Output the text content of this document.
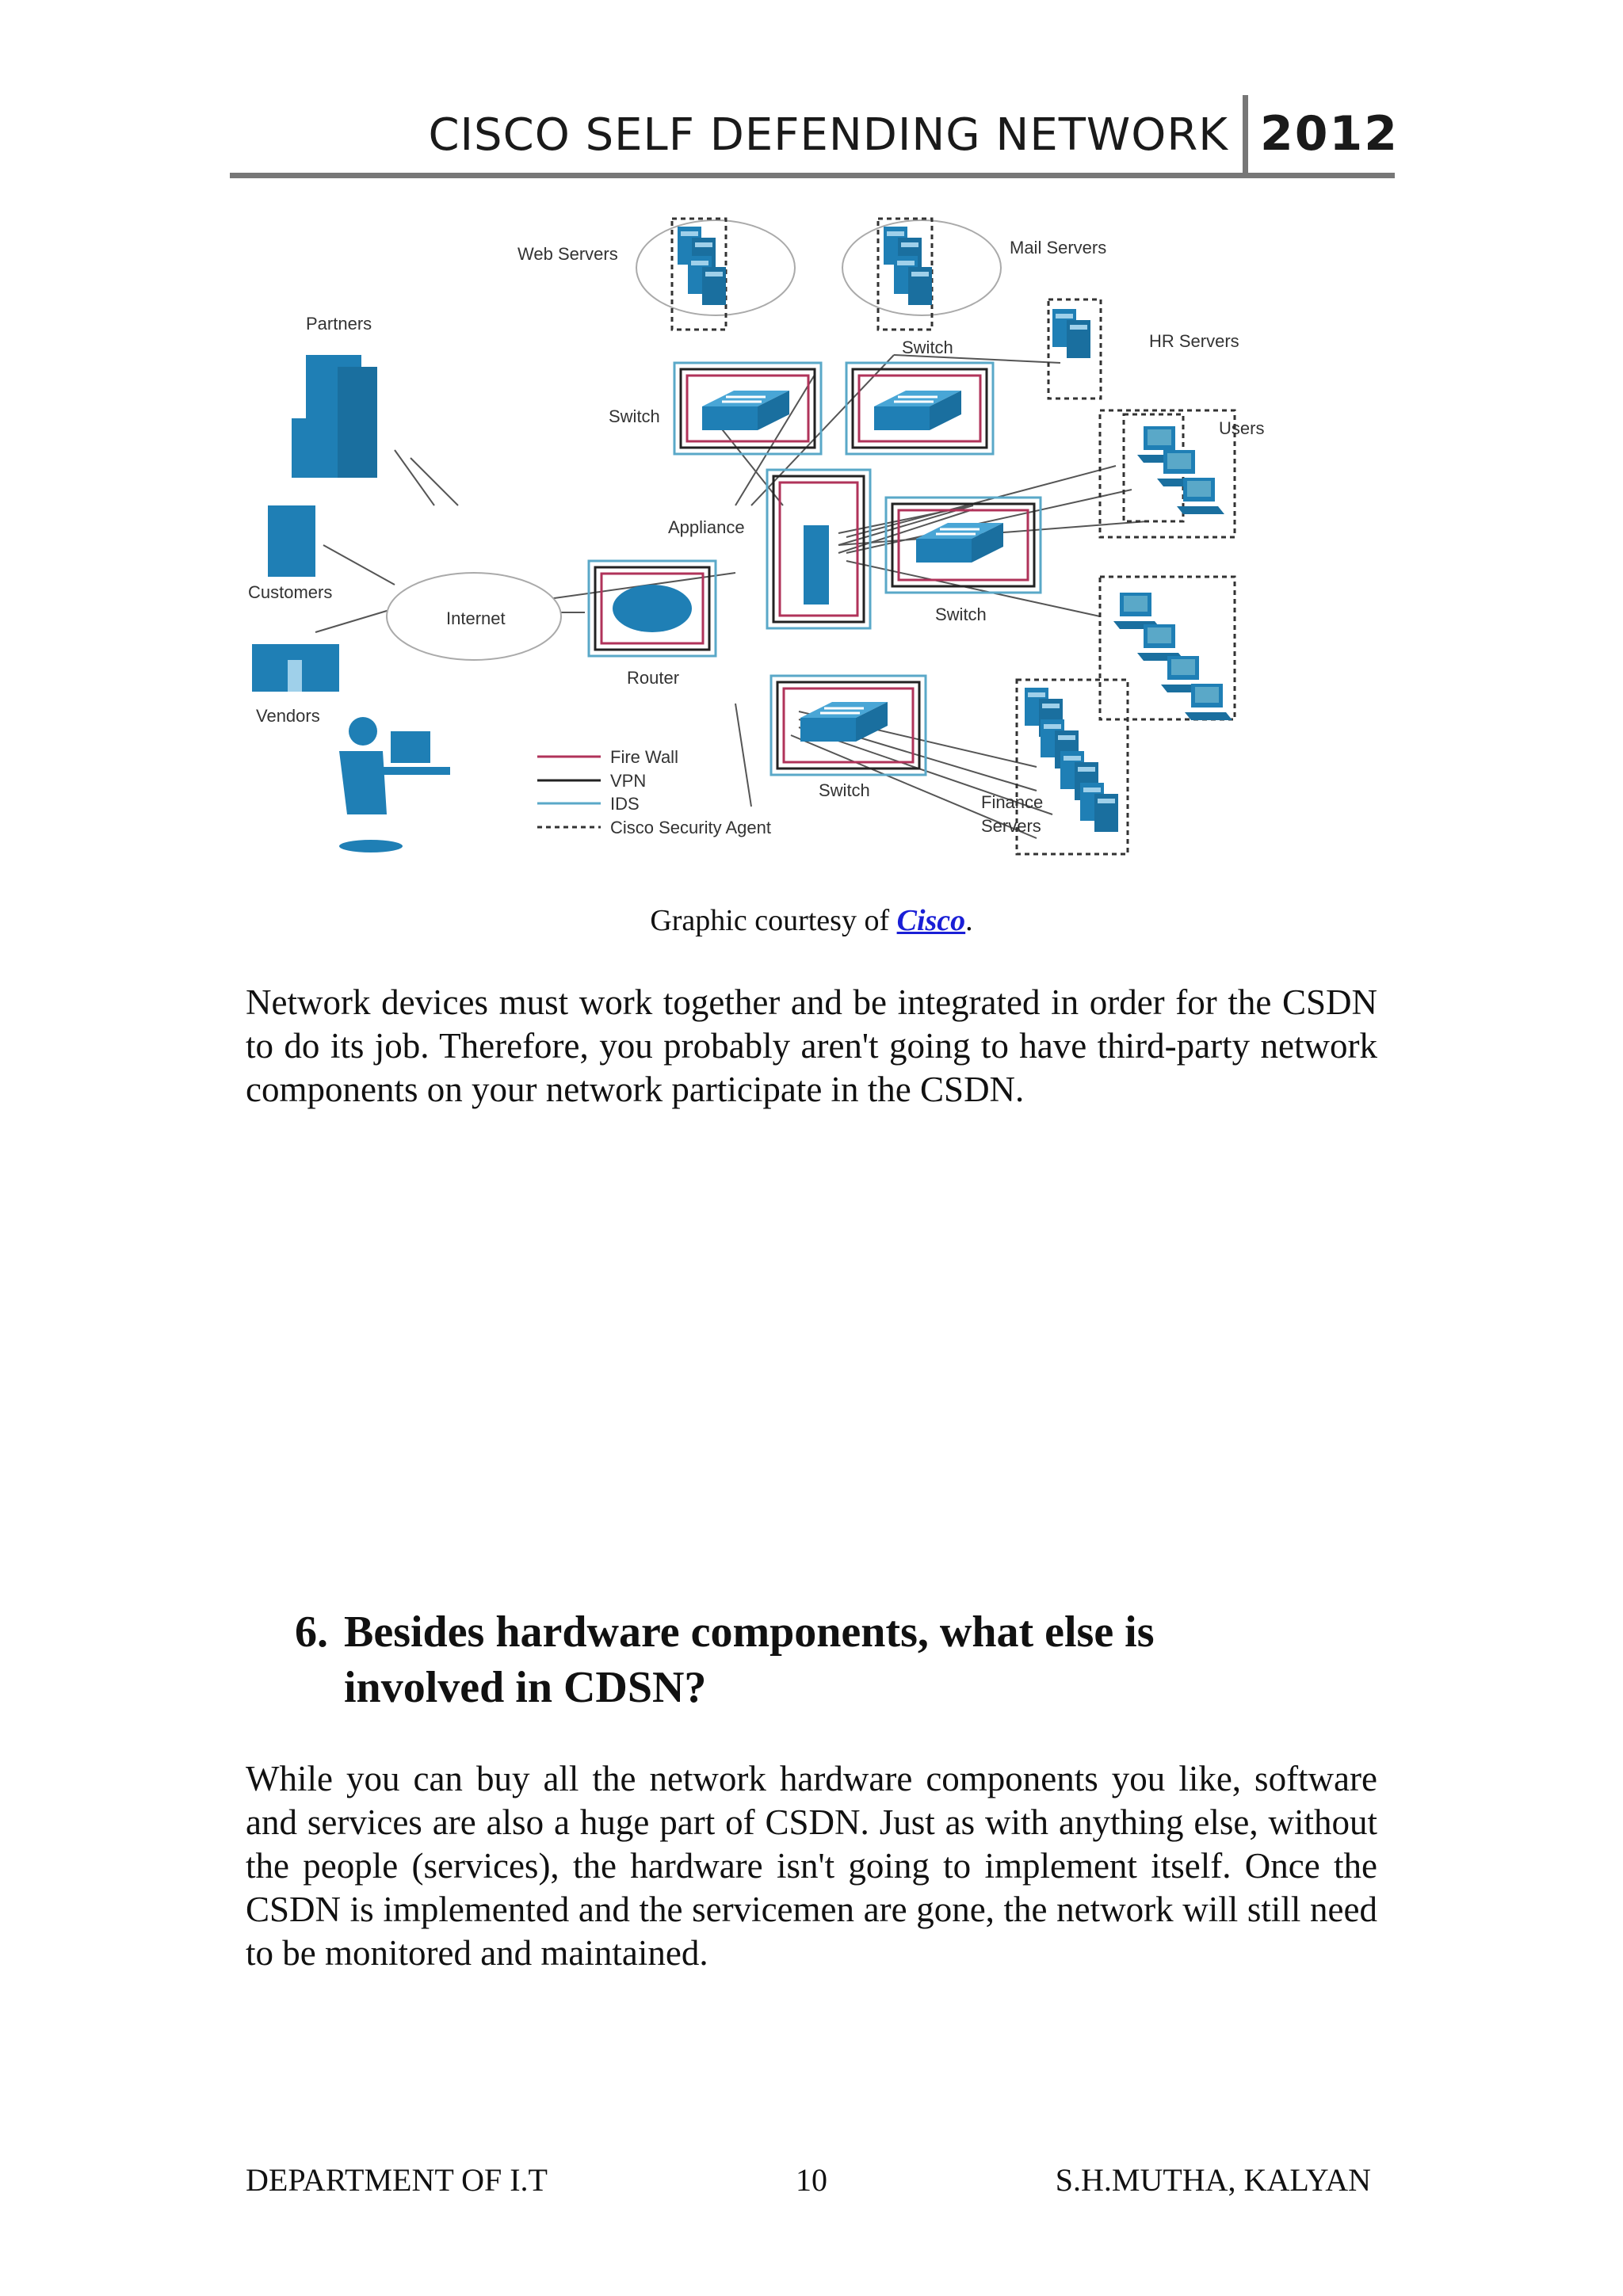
CISCO SELF DEFENDING NETWORK 2012
Internet
Web Servers	Mail Servers
HR Servers
Partners
Customers
Vendors
Switch
Switch
Appliance
Switch
Router
Switch
Users
Finance
Servers
Fire Wall
VPN
IDS
Cisco Security Agent
Graphic courtesy of Cisco.
Network devices must work together and be integrated in order for the CSDN to do its job. Therefore, you probably aren't going to have third-party network components on your network participate in the CSDN.
6. Besides hardware components, what else is involved in CDSN?
While you can buy all the network hardware components you like, software and services are also a huge part of CSDN. Just as with anything else, without the people (services), the hardware isn't going to implement itself. Once the CSDN is implemented and the servicemen are gone, the network will still need to be monitored and maintained.
DEPARTMENT OF I.T	10	S.H.MUTHA, KALYAN
